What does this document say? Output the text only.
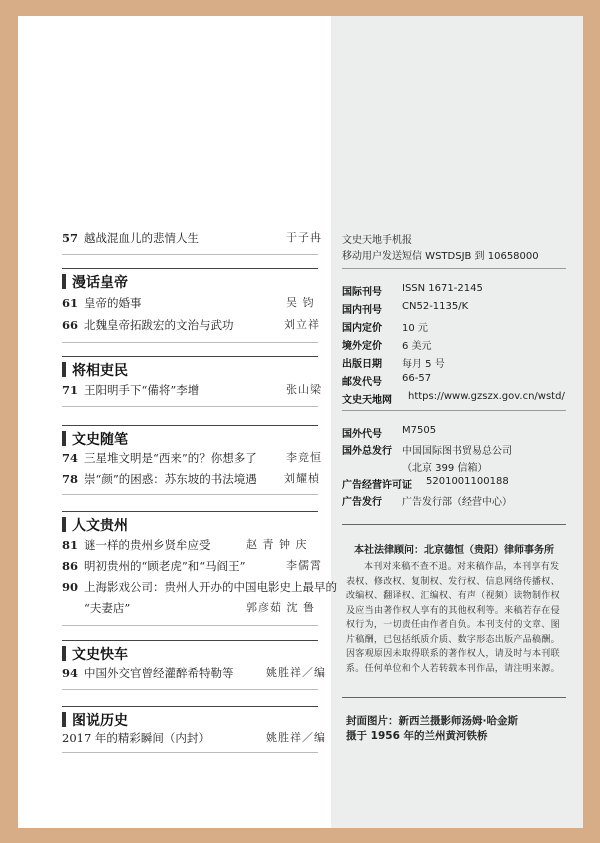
57 越战混血儿的悲情人生	于子冉
漫话皇帝
61 皇帝的婚事	吴 钧
66 北魏皇帝拓跋宏的文治与武功	刘立祥
将相吏民
71 王阳明手下“備将”李增	张山梁
文史随笔
74 三星堆文明是“西来”的？你想多了	李竞恒
78 崇“颜”的困惑：苏东坡的书法境遇 刘耀楨
人文贵州
81 谜一样的贵州乡贤牟应受	赵 青 钟 庆
86 明初贵州的“顾老虎”和“马阎王”	李儒霄
90 上海影戏公司：贵州人开办的中国电影史上最早的
“夫妻店”	郭彦茹 沈 鲁
文史快车
94 中国外交官曾经灌醉希特勒等	姚胜祥／编
图说历史
2017 年的精彩瞬间（内封）	姚胜祥／编
文史天地手机报
移动用户发送短信 WSTDSJB 到 10658000
国际刊号 ISSN 1671-2145
国内刊号 CN52-1135/K
国内定价 10 元
境外定价 6 美元
出版日期 每月 5 号
邮发代号 66-57
文史天地网 https://www.gzszx.gov.cn/wstd/
国外代号 M7505
国外总发行 中国国际图书贸易总公司
（北京 399 信箱）
广告经营许可证 5201001100188
广告发行 广告发行部（经营中心）
本社法律顾问：北京德恒（贵阳）律师事务所
本刊对来稿不查不退。对来稿作品，本刊享有发表权、修改权、复制权、发行权、信息网络传播权、改编权、翻译权、汇编权、有声（视频）读物制作权及应当由著作权人享有的其他权利等。来稿若存在侵权行为，一切责任由作者自负。本刊支付的文章、图片稿酬，已包括纸质介质、数字形态出版产品稿酬。因客观原因未取得联系的著作权人，请及时与本刊联系。任何单位和个人若转载本刊作品，请注明来源。
封面图片：新西兰摄影师汤姆·哈金斯
摄于 1956 年的兰州黄河铁桥
